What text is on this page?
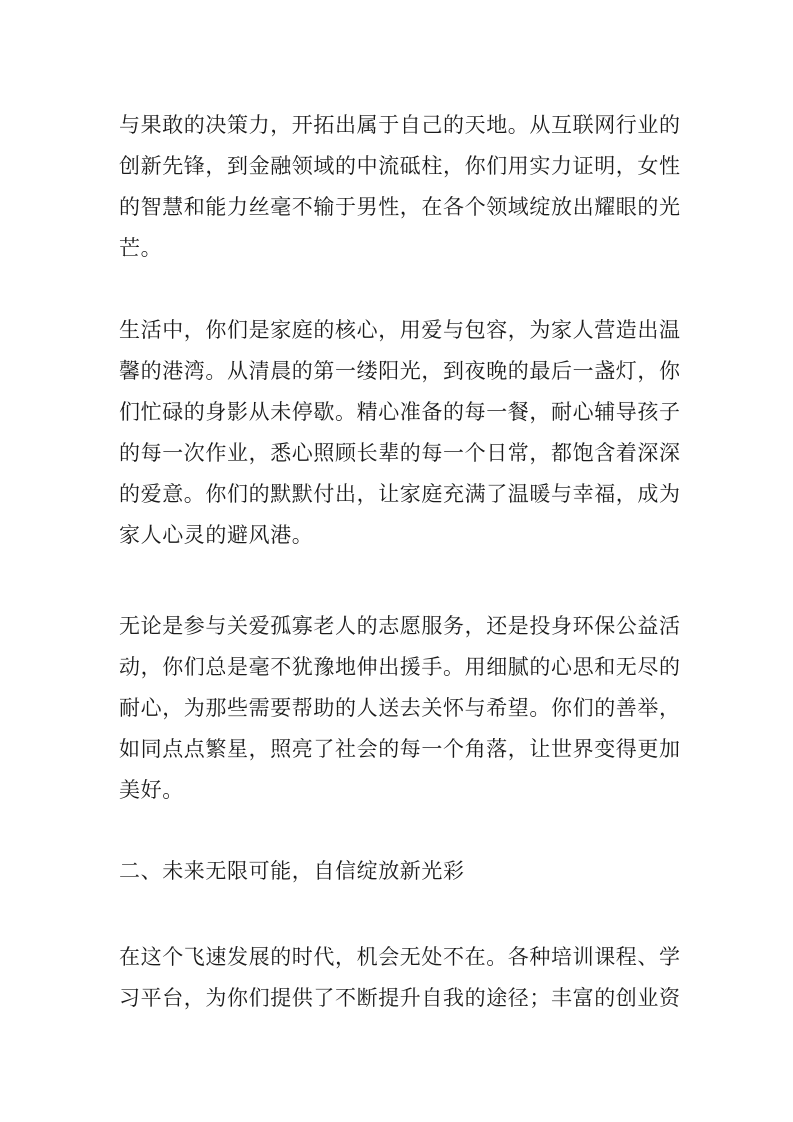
与果敢的决策力，开拓出属于自己的天地。从互联网行业的
创新先锋，到金融领域的中流砥柱，你们用实力证明，女性
的智慧和能力丝毫不输于男性，在各个领域绽放出耀眼的光
芒。
生活中，你们是家庭的核心，用爱与包容，为家人营造出温
馨的港湾。从清晨的第一缕阳光，到夜晚的最后一盏灯，你
们忙碌的身影从未停歇。精心准备的每一餐，耐心辅导孩子
的每一次作业，悉心照顾长辈的每一个日常，都饱含着深深
的爱意。你们的默默付出，让家庭充满了温暖与幸福，成为
家人心灵的避风港。
无论是参与关爱孤寡老人的志愿服务，还是投身环保公益活
动，你们总是毫不犹豫地伸出援手。用细腻的心思和无尽的
耐心，为那些需要帮助的人送去关怀与希望。你们的善举，
如同点点繁星，照亮了社会的每一个角落，让世界变得更加
美好。
二、未来无限可能，自信绽放新光彩
在这个飞速发展的时代，机会无处不在。各种培训课程、学
习平台，为你们提供了不断提升自我的途径；丰富的创业资
